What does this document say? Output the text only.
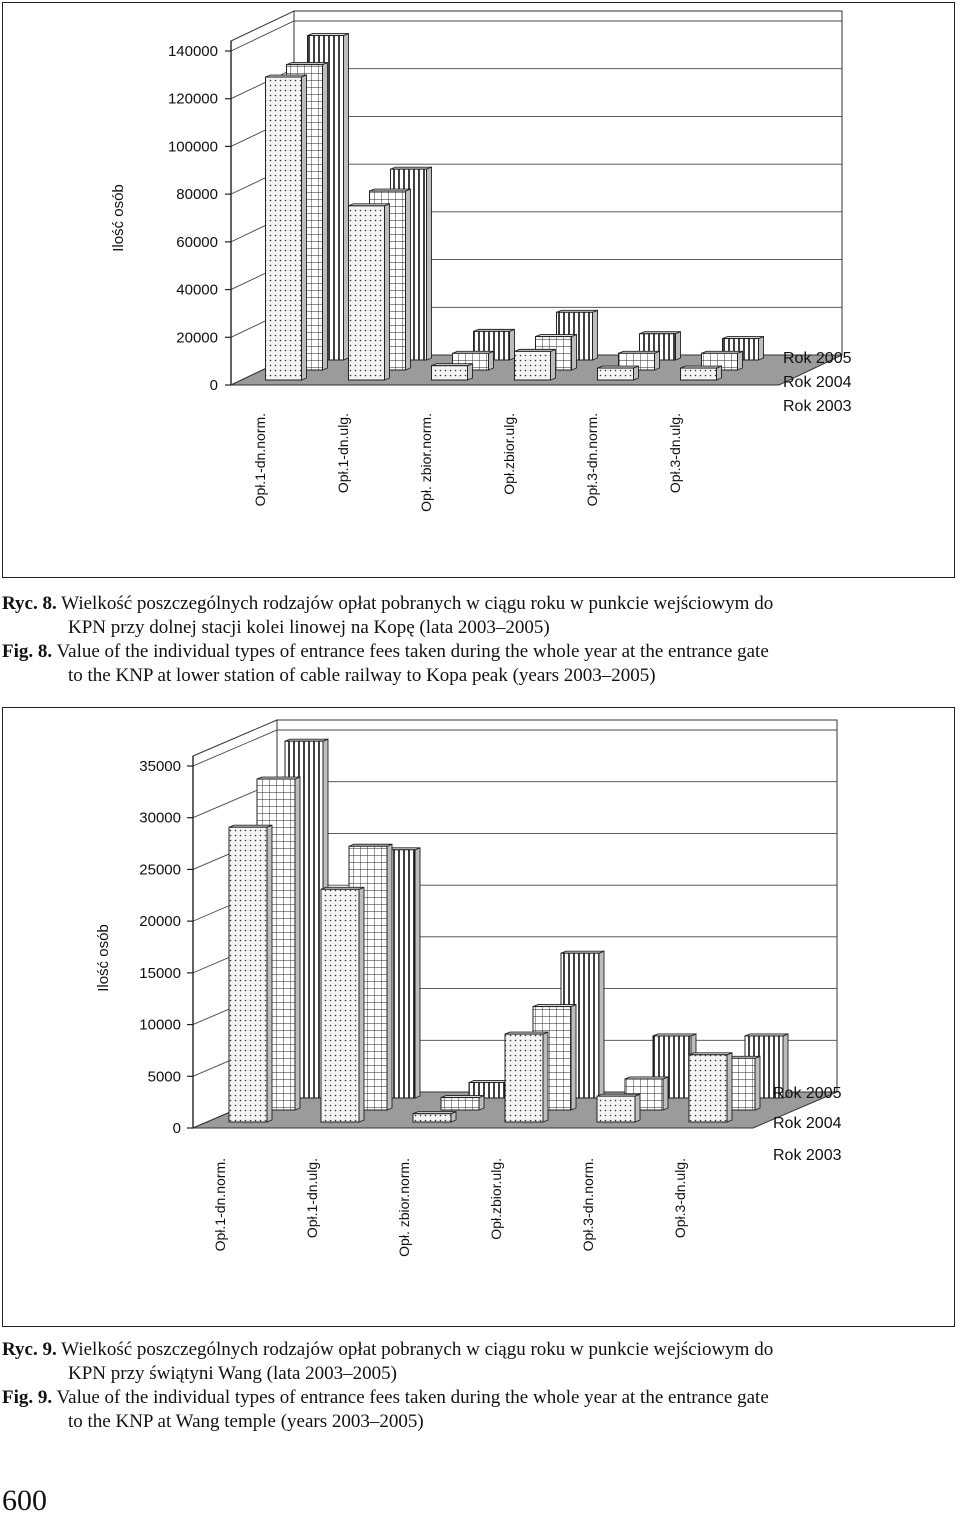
0
20000
40000
60000
80000
100000
120000
140000
Ilość osób
Opł.1-dn.norm.	Opł.1-dn.ulg.	Opł. zbior.norm.	Opł.zbior.ulg.	Opł.3-dn.norm.	Opł.3-dn.ulg.
Rok 2003
Rok 2004
Rok 2005
Ryc. 8. Wielkość poszczególnych rodzajów opłat pobranych w ciągu roku w punkcie wejściowym do
KPN przy dolnej stacji kolei linowej na Kopę (lata 2003–2005)
Fig. 8. Value of the individual types of entrance fees taken during the whole year at the entrance gate
to the KNP at lower station of cable railway to Kopa peak (years 2003–2005)
0
5000
10000
15000
20000
25000
30000
35000
Ilość osób
Opł.1-dn.norm.	Opł.1-dn.ulg.	Opł. zbior.norm.	Opł.zbior.ulg.	Opł.3-dn.norm.	Opł.3-dn.ulg.
Rok 2003
Rok 2004
Rok 2005
Ryc. 9. Wielkość poszczególnych rodzajów opłat pobranych w ciągu roku w punkcie wejściowym do
KPN przy świątyni Wang (lata 2003–2005)
Fig. 9. Value of the individual types of entrance fees taken during the whole year at the entrance gate
to the KNP at Wang temple (years 2003–2005)
600
